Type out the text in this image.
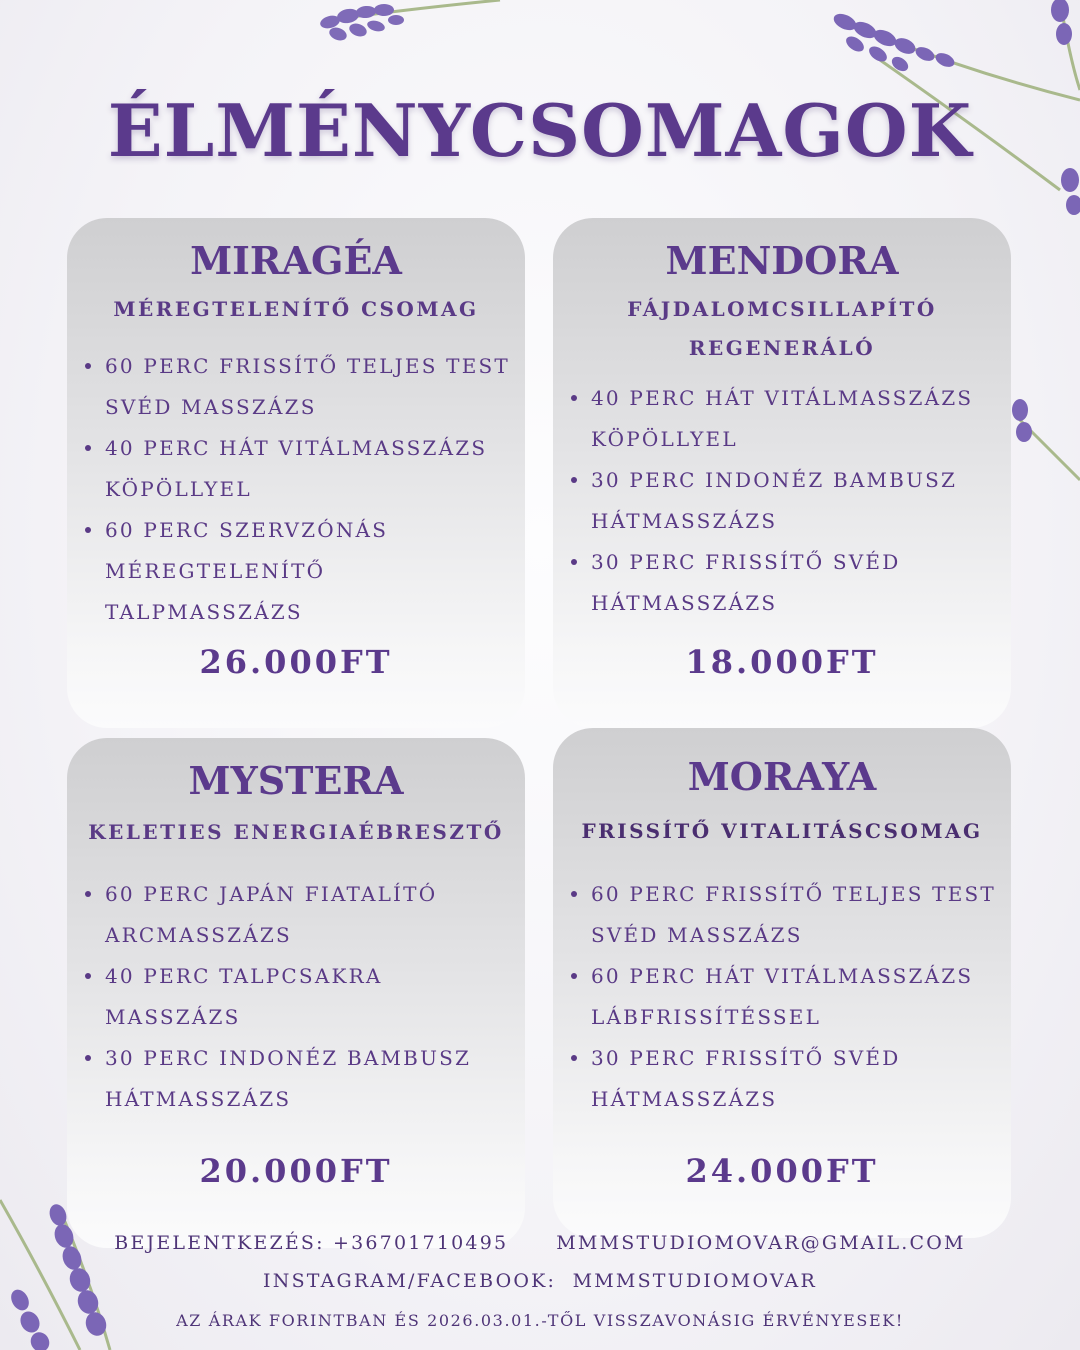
ÉLMÉNYCSOMAGOK
MIRAGÉA
MÉREGTELENÍTŐ CSOMAG
60 PERC FRISSÍTŐ TELJES TEST SVÉD MASSZÁZS
40 PERC HÁT VITÁLMASSZÁZS KÖPÖLLYEL
60 PERC SZERVZÓNÁS MÉREGTELENÍTŐ TALPMASSZÁZS
26.000FT
MENDORA
FÁJDALOMCSILLAPÍTÓ
REGENERÁLÓ
40 PERC HÁT VITÁLMASSZÁZS KÖPÖLLYEL
30 PERC INDONÉZ BAMBUSZ HÁTMASSZÁZS
30 PERC FRISSÍTŐ SVÉD HÁTMASSZÁZS
18.000FT
MYSTERA
KELETIES ENERGIAÉBRESZTŐ
60 PERC JAPÁN FIATALÍTÓ ARCMASSZÁZS
40 PERC TALPCSAKRA MASSZÁZS
30 PERC INDONÉZ BAMBUSZ HÁTMASSZÁZS
20.000FT
MORAYA
FRISSÍTŐ VITALITÁSCSOMAG
60 PERC FRISSÍTŐ TELJES TEST SVÉD MASSZÁZS
60 PERC HÁT VITÁLMASSZÁZS LÁBFRISSÍTÉSSEL
30 PERC FRISSÍTŐ SVÉD HÁTMASSZÁZS
24.000FT
BEJELENTKEZÉS: +36701710495	MMMSTUDIOMOVAR@GMAIL.COM
INSTAGRAM/FACEBOOK:  MMMSTUDIOMOVAR
AZ ÁRAK FORINTBAN ÉS 2026.03.01.-TŐL VISSZAVONÁSIG ÉRVÉNYESEK!
